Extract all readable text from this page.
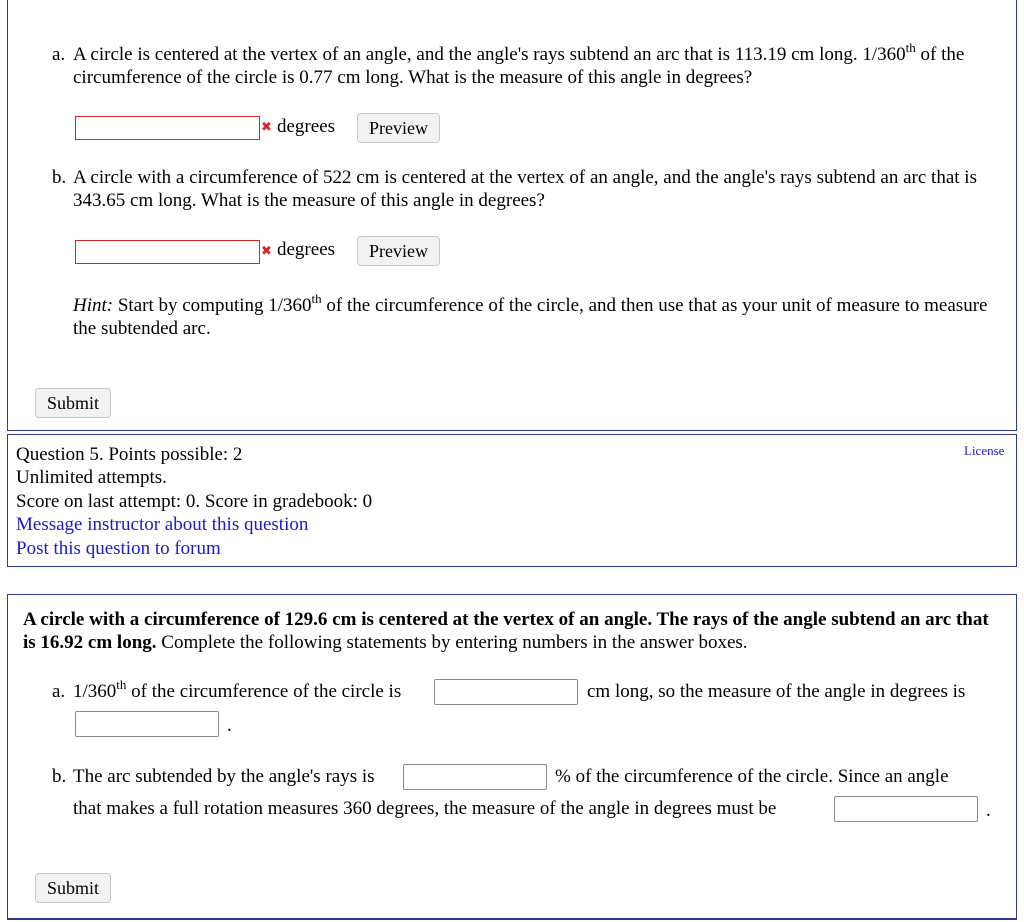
a. A circle is centered at the vertex of an angle, and the angle's rays subtend an arc that is 113.19 cm long. 1/360th of the circumference of the circle is 0.77 cm long. What is the measure of this angle in degrees?
✖ degrees	Preview
b. A circle with a circumference of 522 cm is centered at the vertex of an angle, and the angle's rays subtend an arc that is 343.65 cm long. What is the measure of this angle in degrees?
✖ degrees	Preview
Hint: Start by computing 1/360th of the circumference of the circle, and then use that as your unit of measure to measure the subtended arc.
Submit
Question 5. Points possible: 2
Unlimited attempts.
Score on last attempt: 0. Score in gradebook: 0
Message instructor about this question
Post this question to forum
License
A circle with a circumference of 129.6 cm is centered at the vertex of an angle. The rays of the angle subtend an arc that is 16.92 cm long. Complete the following statements by entering numbers in the answer boxes.
a. 1/360th of the circumference of the circle is	cm long, so the measure of the angle in degrees is
.
b. The arc subtended by the angle's rays is	% of the circumference of the circle. Since an angle
that makes a full rotation measures 360 degrees, the measure of the angle in degrees must be	.
Submit
